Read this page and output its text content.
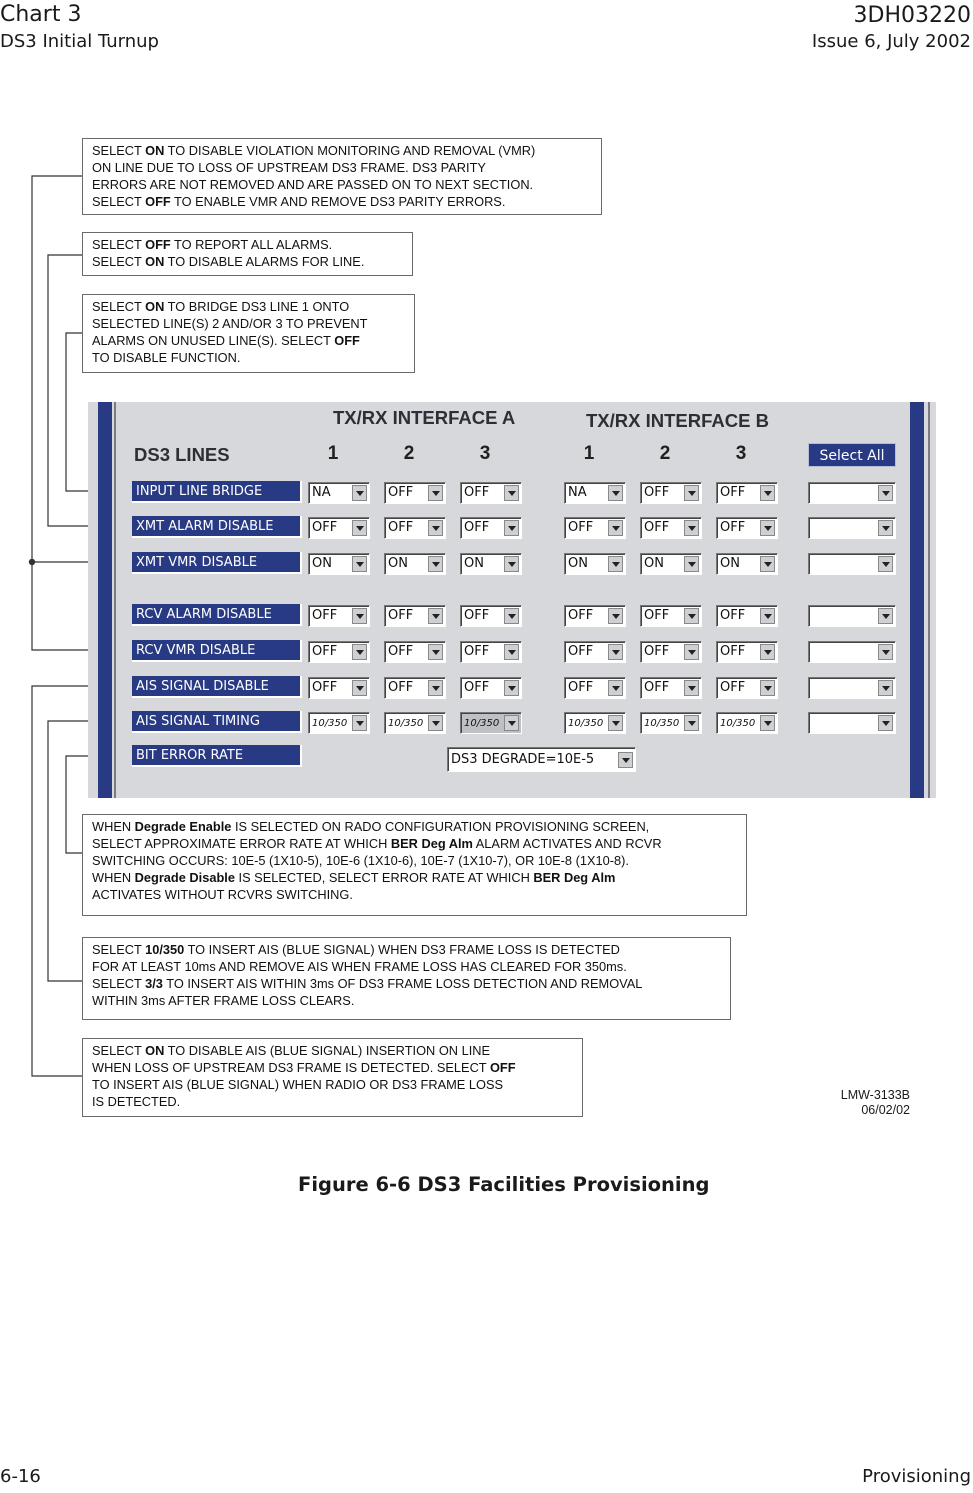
Chart 3
DS3 Initial Turnup
3DH03220
Issue 6, July 2002
6-16	Provisioning
SELECT ON TO DISABLE VIOLATION MONITORING AND REMOVAL (VMR)
ON LINE DUE TO LOSS OF UPSTREAM DS3 FRAME. DS3 PARITY
ERRORS ARE NOT REMOVED AND ARE PASSED ON TO NEXT SECTION.
SELECT OFF TO ENABLE VMR AND REMOVE DS3 PARITY ERRORS.
SELECT OFF TO REPORT ALL ALARMS.
SELECT ON TO DISABLE ALARMS FOR LINE.
SELECT ON TO BRIDGE DS3 LINE 1 ONTO
SELECTED LINE(S) 2 AND/OR 3 TO PREVENT
ALARMS ON UNUSED LINE(S). SELECT OFF
TO DISABLE FUNCTION.
WHEN Degrade Enable IS SELECTED ON RADO CONFIGURATION PROVISIONING SCREEN,
SELECT APPROXIMATE ERROR RATE AT WHICH BER Deg Alm ALARM ACTIVATES AND RCVR
SWITCHING OCCURS: 10E-5 (1X10-5), 10E-6 (1X10-6), 10E-7 (1X10-7), OR 10E-8 (1X10-8).
WHEN Degrade Disable IS SELECTED, SELECT ERROR RATE AT WHICH BER Deg Alm
ACTIVATES WITHOUT RCVRS SWITCHING.
SELECT 10/350 TO INSERT AIS (BLUE SIGNAL) WHEN DS3 FRAME LOSS IS DETECTED
FOR AT LEAST 10ms AND REMOVE AIS WHEN FRAME LOSS HAS CLEARED FOR 350ms.
SELECT 3/3 TO INSERT AIS WITHIN 3ms OF DS3 FRAME LOSS DETECTION AND REMOVAL
WITHIN 3ms AFTER FRAME LOSS CLEARS.
SELECT ON TO DISABLE AIS (BLUE SIGNAL) INSERTION ON LINE
WHEN LOSS OF UPSTREAM DS3 FRAME IS DETECTED. SELECT OFF
TO INSERT AIS (BLUE SIGNAL) WHEN RADIO OR DS3 FRAME LOSS
IS DETECTED.
TX/RX INTERFACE A	TX/RX INTERFACE B
DS3 LINES	1	2	3	1	2	3	Select All
INPUT LINE BRIDGE	NA	OFF	OFF	NA	OFF	OFF
XMT ALARM DISABLE	OFF	OFF	OFF	OFF	OFF	OFF
XMT VMR DISABLE	ON	ON	ON	ON	ON	ON
RCV ALARM DISABLE	OFF	OFF	OFF	OFF	OFF	OFF
RCV VMR DISABLE	OFF	OFF	OFF	OFF	OFF	OFF
AIS SIGNAL DISABLE	OFF	OFF	OFF	OFF	OFF	OFF
AIS SIGNAL TIMING	10/350	10/350	10/350	10/350	10/350	10/350
BIT ERROR RATE	DS3 DEGRADE=10E-5
Figure 6-6 DS3 Facilities Provisioning
LMW-3133B
06/02/02
